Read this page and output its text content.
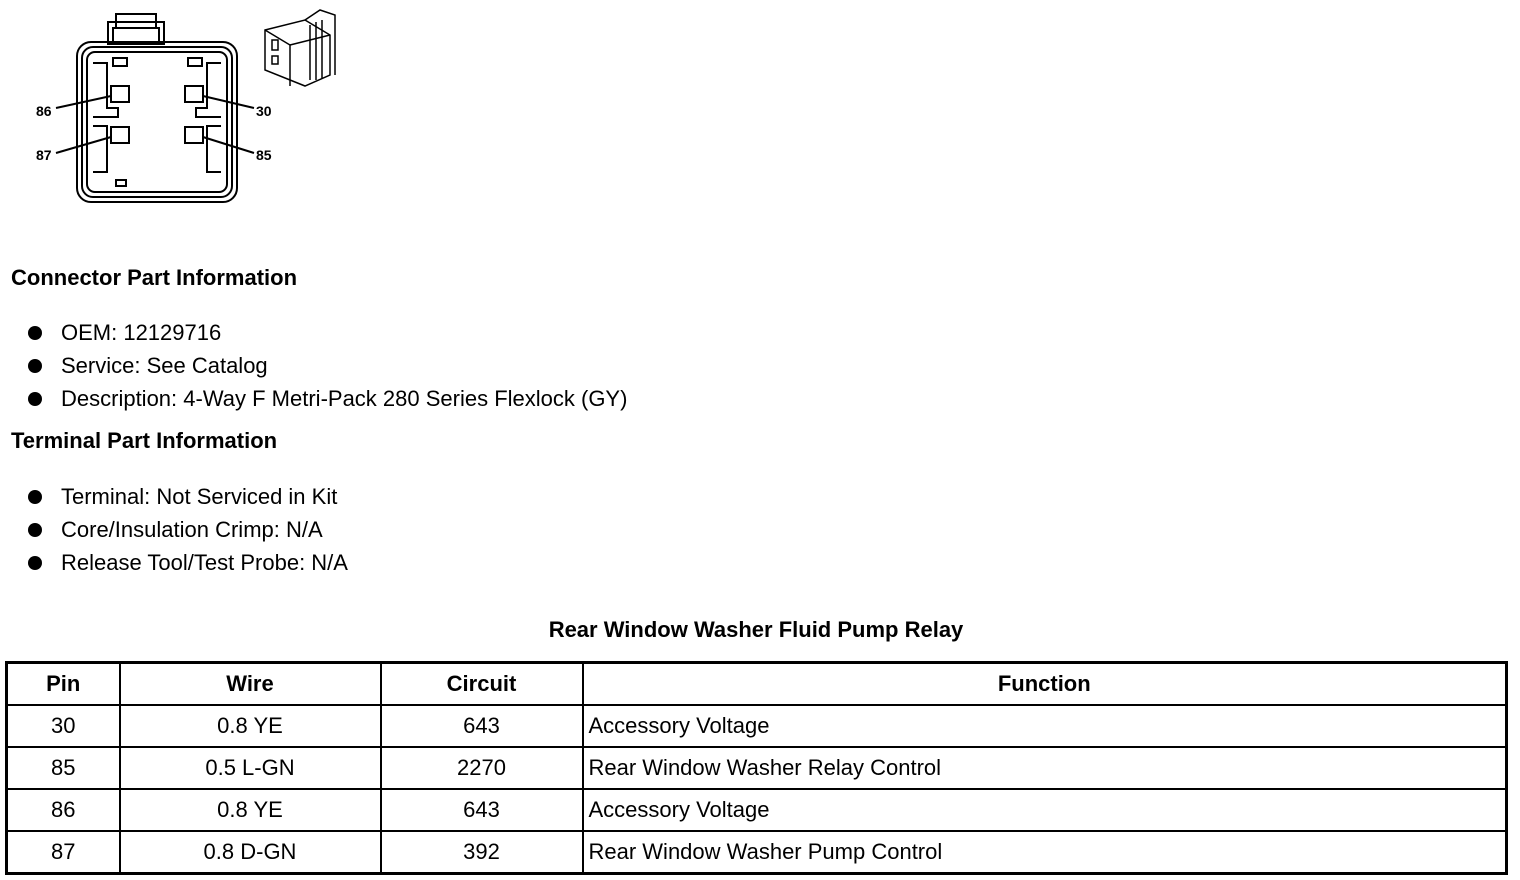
86
87
30
85
Connector Part Information
OEM: 12129716
Service: See Catalog
Description: 4-Way F Metri-Pack 280 Series Flexlock (GY)
Terminal Part Information
Terminal: Not Serviced in Kit
Core/Insulation Crimp: N/A
Release Tool/Test Probe: N/A
Rear Window Washer Fluid Pump Relay
Pin	Wire	Circuit	Function
30	0.8 YE	643	Accessory Voltage
85	0.5 L-GN	2270	Rear Window Washer Relay Control
86	0.8 YE	643	Accessory Voltage
87	0.8 D-GN	392	Rear Window Washer Pump Control
